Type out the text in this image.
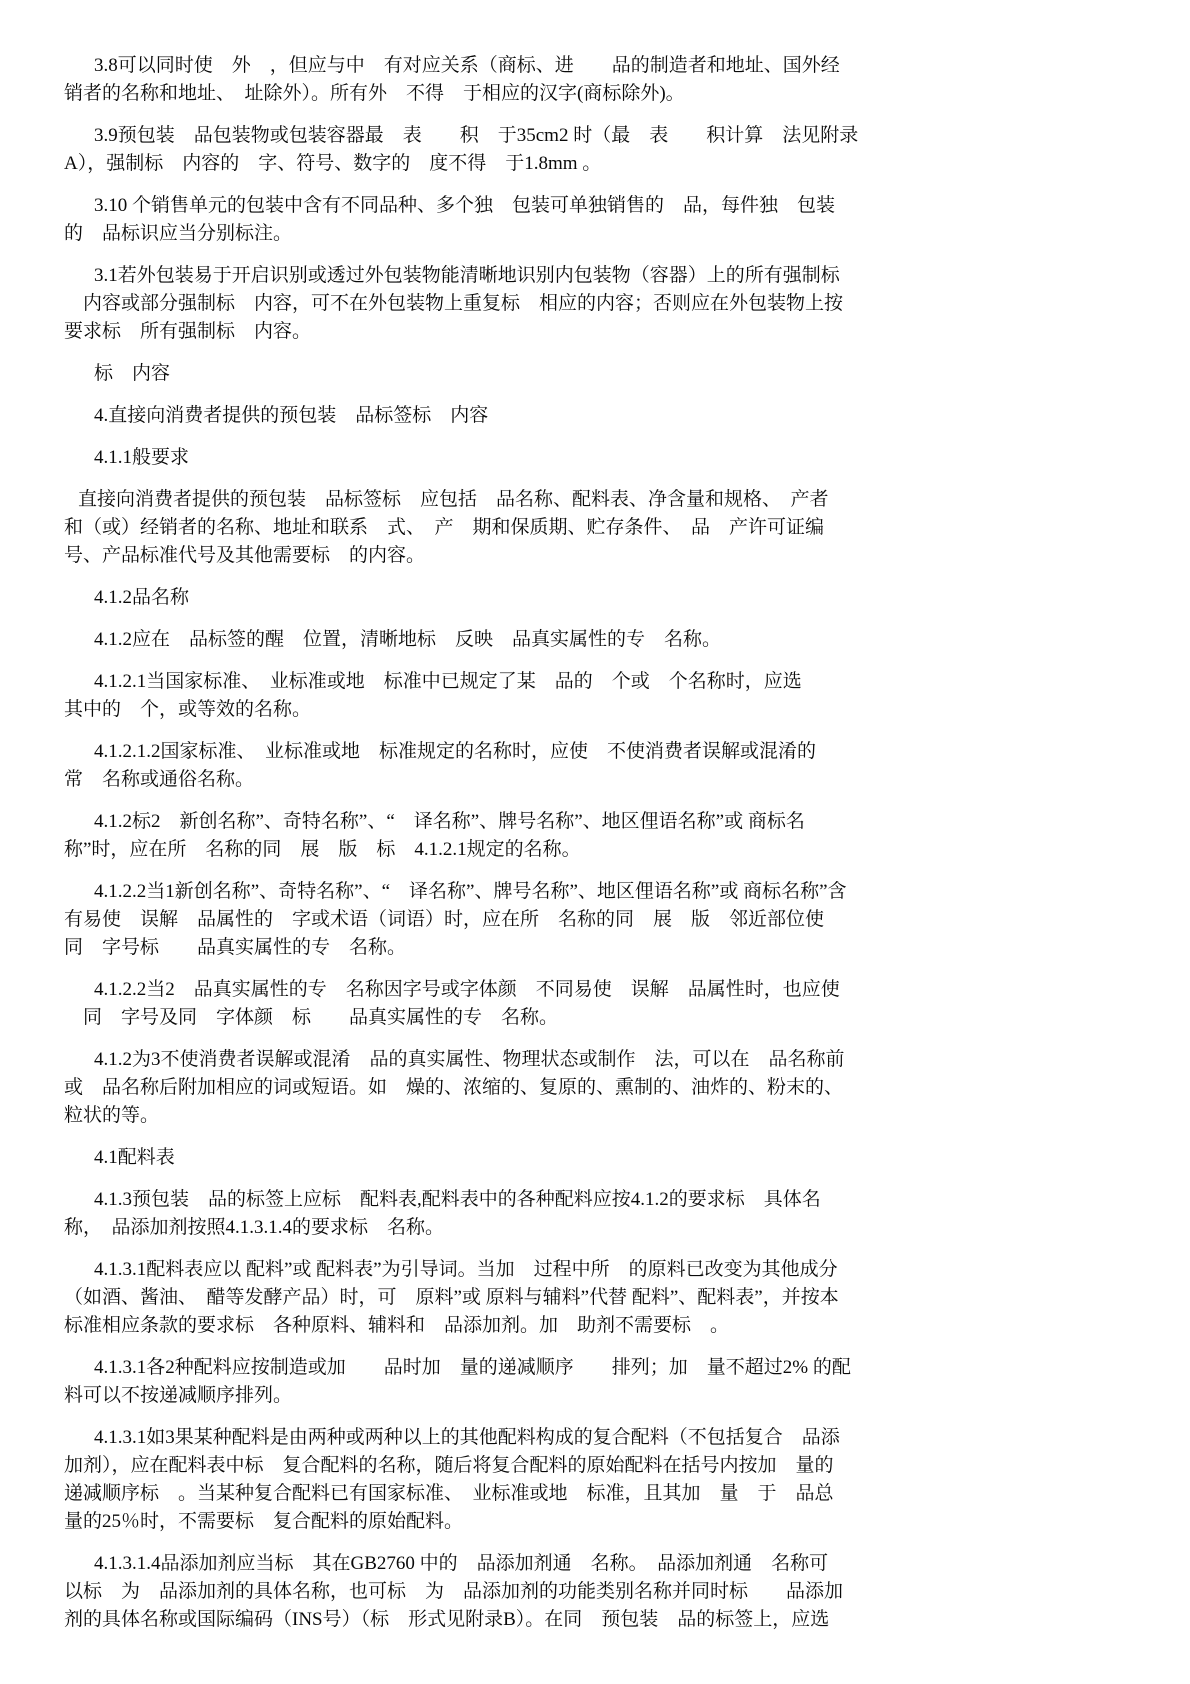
3.8可以同时使　外　，但应与中　有对应关系（商标、进　　品的制造者和地址、国外经
销者的名称和地址、　址除外）。所有外　不得　于相应的汉字(商标除外)。
3.9预包装　品包装物或包装容器最　表　　积　于35cm2 时（最　表　　积计算　法见附录
A），强制标　内容的　字、符号、数字的　度不得　于1.8mm 。
3.10 个销售单元的包装中含有不同品种、多个独　包装可单独销售的　品，每件独　包装
的　品标识应当分别标注。
3.1若外包装易于开启识别或透过外包装物能清晰地识别内包装物（容器）上的所有强制标
　内容或部分强制标　内容，可不在外包装物上重复标　相应的内容；否则应在外包装物上按
要求标　所有强制标　内容。
标　内容
4.直接向消费者提供的预包装　品标签标　内容
4.1.1般要求
直接向消费者提供的预包装　品标签标　应包括　品名称、配料表、净含量和规格、　产者
和（或）经销者的名称、地址和联系　式、　产　期和保质期、贮存条件、　品　产许可证编
号、产品标准代号及其他需要标　的内容。
4.1.2品名称
4.1.2应在　品标签的醒　位置，清晰地标　反映　品真实属性的专　名称。
4.1.2.1当国家标准、　业标准或地　标准中已规定了某　品的　个或　个名称时，应选
其中的　个，或等效的名称。
4.1.2.1.2国家标准、　业标准或地　标准规定的名称时，应使　不使消费者误解或混淆的
常　名称或通俗名称。
4.1.2标2　新创名称”、奇特名称”、“　译名称”、牌号名称”、地区俚语名称”或 商标名
称”时，应在所　名称的同　展　版　标　4.1.2.1规定的名称。
4.1.2.2当1新创名称”、奇特名称”、“　译名称”、牌号名称”、地区俚语名称”或 商标名称”含
有易使　误解　品属性的　字或术语（词语）时，应在所　名称的同　展　版　邻近部位使
同　字号标　　品真实属性的专　名称。
4.1.2.2当2　品真实属性的专　名称因字号或字体颜　不同易使　误解　品属性时，也应使
　同　字号及同　字体颜　标　　品真实属性的专　名称。
4.1.2为3不使消费者误解或混淆　品的真实属性、物理状态或制作　法，可以在　品名称前
或　品名称后附加相应的词或短语。如　燥的、浓缩的、复原的、熏制的、油炸的、粉末的、
粒状的等。
4.1配料表
4.1.3预包装　品的标签上应标　配料表,配料表中的各种配料应按4.1.2的要求标　具体名
称，　品添加剂按照4.1.3.1.4的要求标　名称。
4.1.3.1配料表应以 配料”或 配料表”为引导词。当加　过程中所　的原料已改变为其他成分
（如酒、酱油、　醋等发酵产品）时，可　原料”或 原料与辅料”代替 配料”、配料表”，并按本
标准相应条款的要求标　各种原料、辅料和　品添加剂。加　助剂不需要标　。
4.1.3.1各2种配料应按制造或加　　品时加　量的递减顺序　　排列；加　量不超过2% 的配
料可以不按递减顺序排列。
4.1.3.1如3果某种配料是由两种或两种以上的其他配料构成的复合配料（不包括复合　品添
加剂），应在配料表中标　复合配料的名称，随后将复合配料的原始配料在括号内按加　量的
递减顺序标　。当某种复合配料已有国家标准、　业标准或地　标准，且其加　量　于　品总
量的25％时，不需要标　复合配料的原始配料。
4.1.3.1.4品添加剂应当标　其在GB2760 中的　品添加剂通　名称。　品添加剂通　名称可
以标　为　品添加剂的具体名称，也可标　为　品添加剂的功能类别名称并同时标　　品添加
剂的具体名称或国际编码（INS号）（标　形式见附录B）。在同　预包装　品的标签上，应选
